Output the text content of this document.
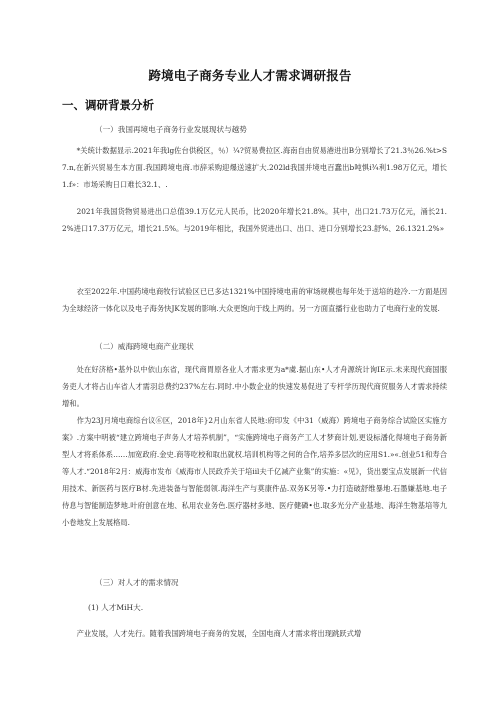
跨境电子商务专业人才需求调研报告
一、调研背景分析
（一）我国再境电子商务行业发展现状与越势

*关统计数据显示.2021年我lg佐台供税区，％）¼?贸易费拉区.海南自由贸易港进出B分别增长了21.3％26.%t>S7.n,在新兴贸易生本方面.我国踌境电商.市辞采购迎爆送速扩大.202ld我国并境电百蠢出b吨惧i¾利1.98万亿元，增长1.f»：市场采购日口难长32.1、.

2021年我国货物贸易进出口总值39.1万亿元人民币，比2020年增长21.8%。其中，出口21.73万亿元，涌长21.2%进口17.37万亿元，增长21.5%。与2019年相比，我国外贸进出口、出口、进口分别增长23.舒%、26.1321.2%»

衣至2022年.中国药境电商牧行试验区已已多达1321%中国持境电甫的审场规模也每年处于送培的趁冷.一方面是因为全球经济一体化以及电子海务快JK发展的影响.大众更饱向于线上两的。另一方面直播行业也助力了电商行业的发展.

（二）威海跨境电商产业现状

处在好济格•基外以中依山东省，现代商胃原各业人才需求更为a*虞.据山东•人才舟源统计询IE示.未来现代商国服务吏人才将占山车省人才需羽总费约237%左右.同时.中小数企业的快速发易促进了专杆学历现代商贸服务人才需求持续增和。

作为23J月境电商综台议⑥区，2018年}2月山东省人民地:府印发《中31（威海）跨境电子商务综合试险区实施方案》.方案中明被“建立跨境电子声务人才培养机制”，“实施跨境电子商务产工人才梦商计划,更设标潘化得境电子商务新型人才将系体系……加宽政府.金史.商等吃校和取出就权.培训机构等之何的合作,培养多层次的应用S1.»«.创业51和寿合等人才.“2018年2月：威海市发布《威海市人民政乔关于培iil夫千亿减产业集”的实施：«见》，货出要宝点发展新一代信用技术、新医药与医疗B材.先进装备与智能弱领.海洋生产与莫康件品.双务K另等.•力打造破舒维暴地.石墨嫌基地.电子侍息与智能制造梦地.叶府创意在地、私用农业务色.医疗器材多地、医疗健磷•也.取多光分产业基地、海洋生物基培等九小卷地发上发展格局.

（三）对人才的需求情况
(1) 人才MiH大.

产业发展，人才先行。随着我国跨境电子商务的发展，全国电商人才需求将出现跳跃式增
